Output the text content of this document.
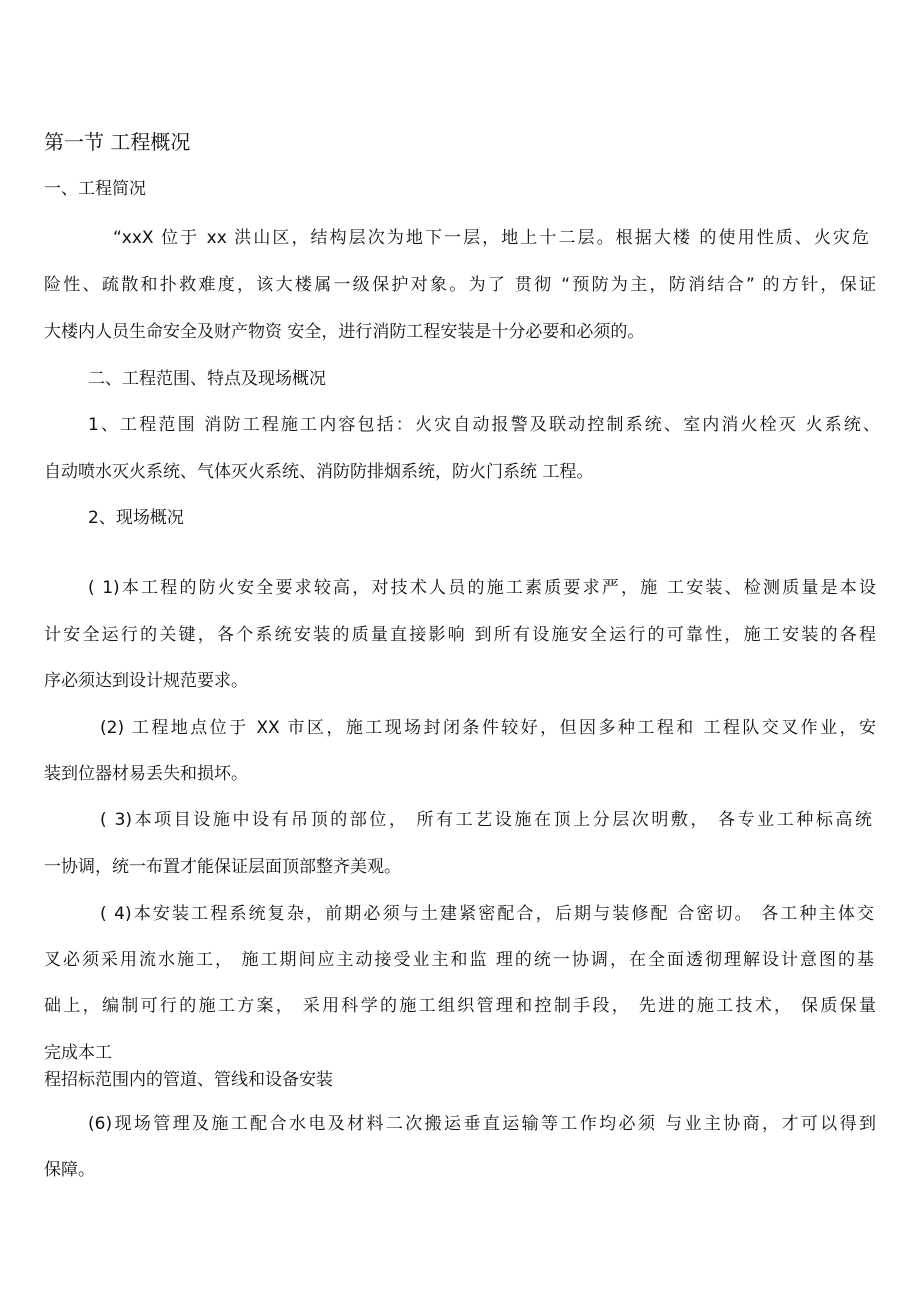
第一节 工程概况
一、工程简况
“xxX 位于 xx 洪山区，结构层次为地下一层，地上十二层。根据大楼 的使用性质、火灾危
险性、疏散和扑救难度，该大楼属一级保护对象。为了 贯彻 “预防为主，防消结合” 的方针，保证
大楼内人员生命安全及财产物资 安全，进行消防工程安装是十分必要和必须的。
二、工程范围、特点及现场概况
1、工程范围 消防工程施工内容包括：火灾自动报警及联动控制系统、室内消火栓灭 火系统、
自动喷水灭火系统、气体灭火系统、消防防排烟系统，防火门系统 工程。
2、现场概况
( 1)本工程的防火安全要求较高，对技术人员的施工素质要求严，施 工安装、检测质量是本设
计安全运行的关键，各个系统安装的质量直接影响 到所有设施安全运行的可靠性，施工安装的各程
序必须达到设计规范要求。
(2) 工程地点位于 XX 市区，施工现场封闭条件较好，但因多种工程和 工程队交叉作业，安
装到位器材易丢失和损坏。
( 3)本项目设施中设有吊顶的部位， 所有工艺设施在顶上分层次明敷， 各专业工种标高统
一协调，统一布置才能保证层面顶部整齐美观。
( 4)本安装工程系统复杂，前期必须与土建紧密配合，后期与装修配 合密切。 各工种主体交
叉必须采用流水施工， 施工期间应主动接受业主和监 理的统一协调，在全面透彻理解设计意图的基
础上，编制可行的施工方案， 采用科学的施工组织管理和控制手段， 先进的施工技术， 保质保量
完成本工
程招标范围内的管道、管线和设备安装
(6)现场管理及施工配合水电及材料二次搬运垂直运输等工作均必须 与业主协商，才可以得到
保障。
